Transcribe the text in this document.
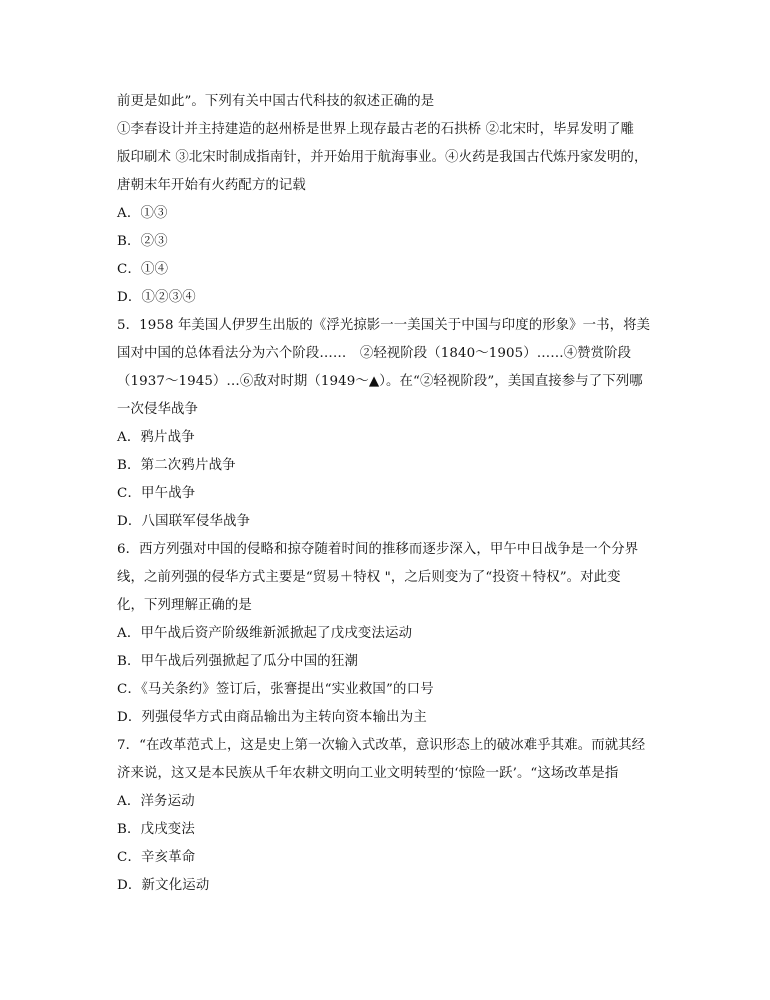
前更是如此”。下列有关中国古代科技的叙述正确的是
①李春设计并主持建造的赵州桥是世界上现存最古老的石拱桥 ②北宋时，毕昇发明了雕
版印刷术 ③北宋时制成指南针，并开始用于航海事业。④火药是我国古代炼丹家发明的，
唐朝末年开始有火药配方的记载
A．①③
B．②③
C．①④
D．①②③④
5．1958 年美国人伊罗生出版的《浮光掠影一一美国关于中国与印度的形象》一书，将美
国对中国的总体看法分为六个阶段……　②轻视阶段（1840～1905）……④赞赏阶段
（1937～1945）…⑥敌对时期（1949～▲）。在“②轻视阶段”，美国直接参与了下列哪
一次侵华战争
A．鸦片战争
B．第二次鸦片战争
C．甲午战争
D．八国联军侵华战争
6．西方列强对中国的侵略和掠夺随着时间的推移而逐步深入，甲午中日战争是一个分界
线，之前列强的侵华方式主要是“贸易＋特权 "，之后则变为了“投资＋特权”。对此变
化，下列理解正确的是
A．甲午战后资产阶级维新派掀起了戊戌变法运动
B．甲午战后列强掀起了瓜分中国的狂潮
C．《马关条约》签订后，张謇提出“实业救国”的口号
D．列强侵华方式由商品输出为主转向资本输出为主
7．“在改革范式上，这是史上第一次输入式改革，意识形态上的破冰难乎其难。而就其经
济来说，这又是本民族从千年农耕文明向工业文明转型的‘惊险一跃’。“这场改革是指
A．洋务运动
B．戊戌变法
C．辛亥革命
D．新文化运动
